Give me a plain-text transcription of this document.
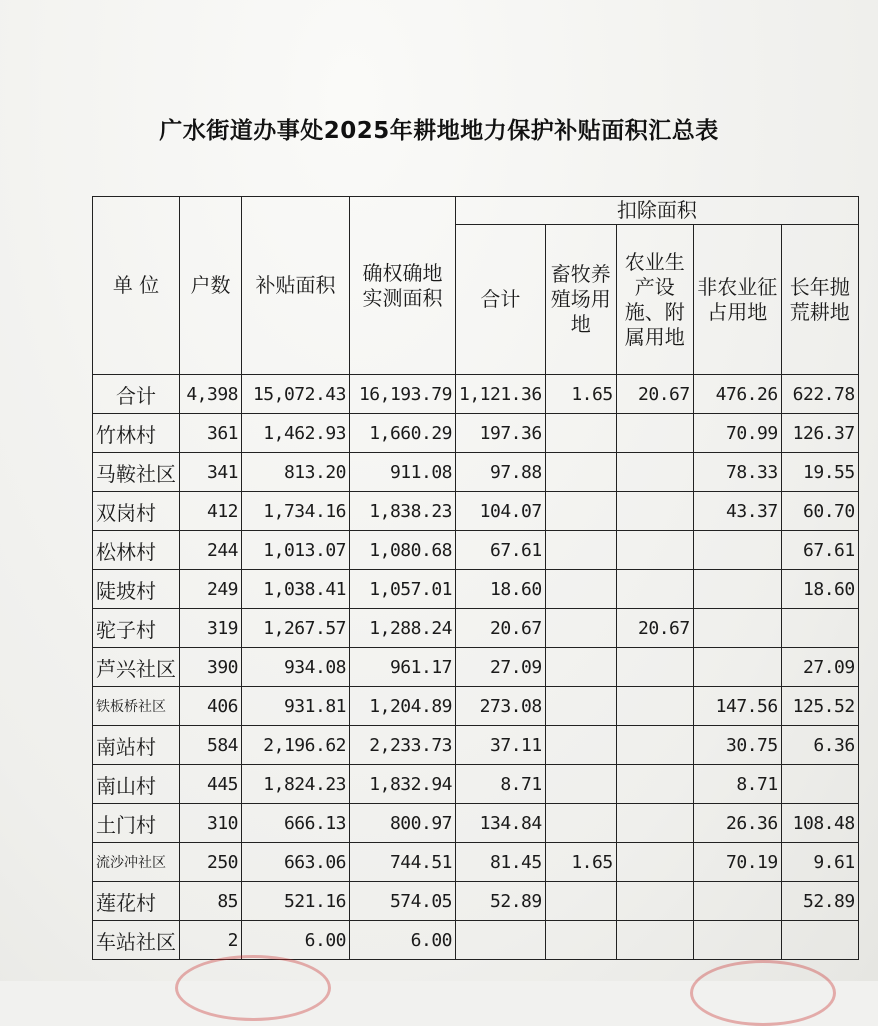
广水街道办事处2025年耕地地力保护补贴面积汇总表
单 位	户数	补贴面积	确权确地实测面积	扣除面积				
				合计	畜牧养殖场用地	农业生产设施、附属用地	非农业征占用地	长年抛荒耕地
合计	4,398	15,072.43	16,193.79	1,121.36	1.65	20.67	476.26	622.78
竹林村	361	1,462.93	1,660.29	197.36			70.99	126.37
马鞍社区	341	813.20	911.08	97.88			78.33	19.55
双岗村	412	1,734.16	1,838.23	104.07			43.37	60.70
松林村	244	1,013.07	1,080.68	67.61				67.61
陡坡村	249	1,038.41	1,057.01	18.60				18.60
驼子村	319	1,267.57	1,288.24	20.67		20.67		
芦兴社区	390	934.08	961.17	27.09				27.09
铁板桥社区	406	931.81	1,204.89	273.08			147.56	125.52
南站村	584	2,196.62	2,233.73	37.11			30.75	6.36
南山村	445	1,824.23	1,832.94	8.71			8.71	
土门村	310	666.13	800.97	134.84			26.36	108.48
流沙冲社区	250	663.06	744.51	81.45	1.65		70.19	9.61
莲花村	85	521.16	574.05	52.89				52.89
车站社区	2	6.00	6.00					
